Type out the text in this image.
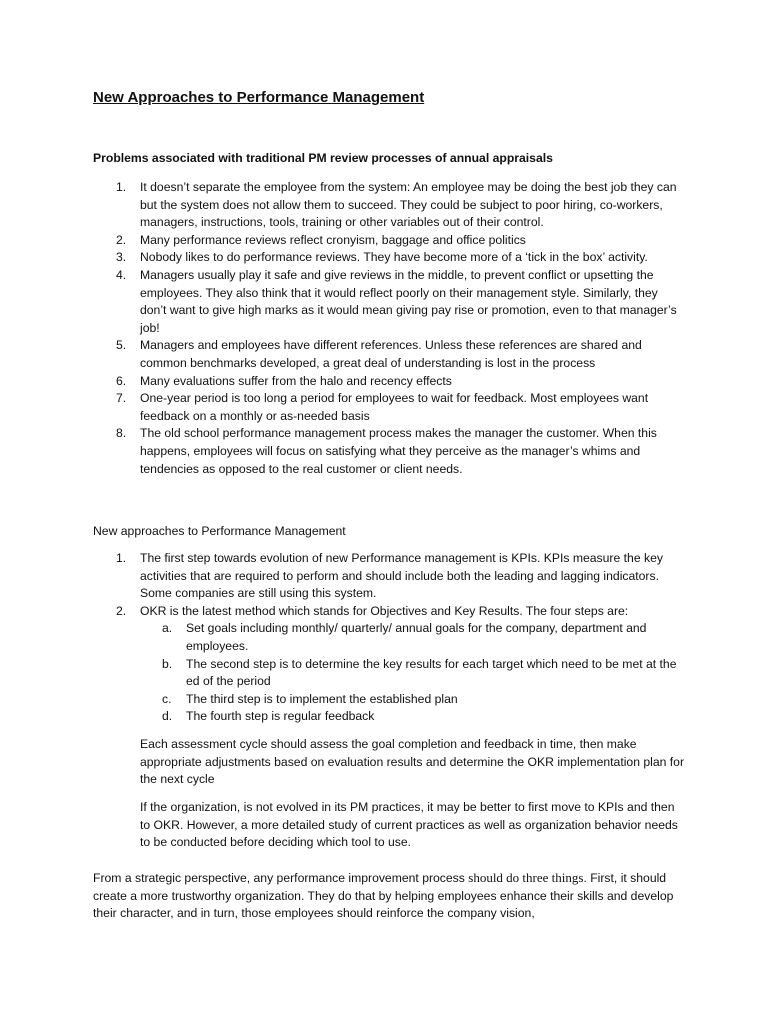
New Approaches to Performance Management
Problems associated with traditional PM review processes of annual appraisals
1. It doesn’t separate the employee from the system: An employee may be doing the best job they can but the system does not allow them to succeed. They could be subject to poor hiring, co-workers, managers, instructions, tools, training or other variables out of their control.
2. Many performance reviews reflect cronyism, baggage and office politics
3. Nobody likes to do performance reviews. They have become more of a ‘tick in the box’ activity.
4. Managers usually play it safe and give reviews in the middle, to prevent conflict or upsetting the employees. They also think that it would reflect poorly on their management style. Similarly, they don’t want to give high marks as it would mean giving pay rise or promotion, even to that manager’s job!
5. Managers and employees have different references. Unless these references are shared and common benchmarks developed, a great deal of understanding is lost in the process
6. Many evaluations suffer from the halo and recency effects
7. One-year period is too long a period for employees to wait for feedback. Most employees want feedback on a monthly or as-needed basis
8. The old school performance management process makes the manager the customer. When this happens, employees will focus on satisfying what they perceive as the manager’s whims and tendencies as opposed to the real customer or client needs.
New approaches to Performance Management
1. The first step towards evolution of new Performance management is KPIs. KPIs measure the key activities that are required to perform and should include both the leading and lagging indicators. Some companies are still using this system.
2. OKR is the latest method which stands for Objectives and Key Results. The four steps are:
a. Set goals including monthly/ quarterly/ annual goals for the company, department and employees.
b. The second step is to determine the key results for each target which need to be met at the ed of the period
c. The third step is to implement the established plan
d. The fourth step is regular feedback

Each assessment cycle should assess the goal completion and feedback in time, then make appropriate adjustments based on evaluation results and determine the OKR implementation plan for the next cycle

If the organization, is not evolved in its PM practices, it may be better to first move to KPIs and then to OKR. However, a more detailed study of current practices as well as organization behavior needs to be conducted before deciding which tool to use.

From a strategic perspective, any performance improvement process should do three things. First, it should create a more trustworthy organization. They do that by helping employees enhance their skills and develop their character, and in turn, those employees should reinforce the company vision,
